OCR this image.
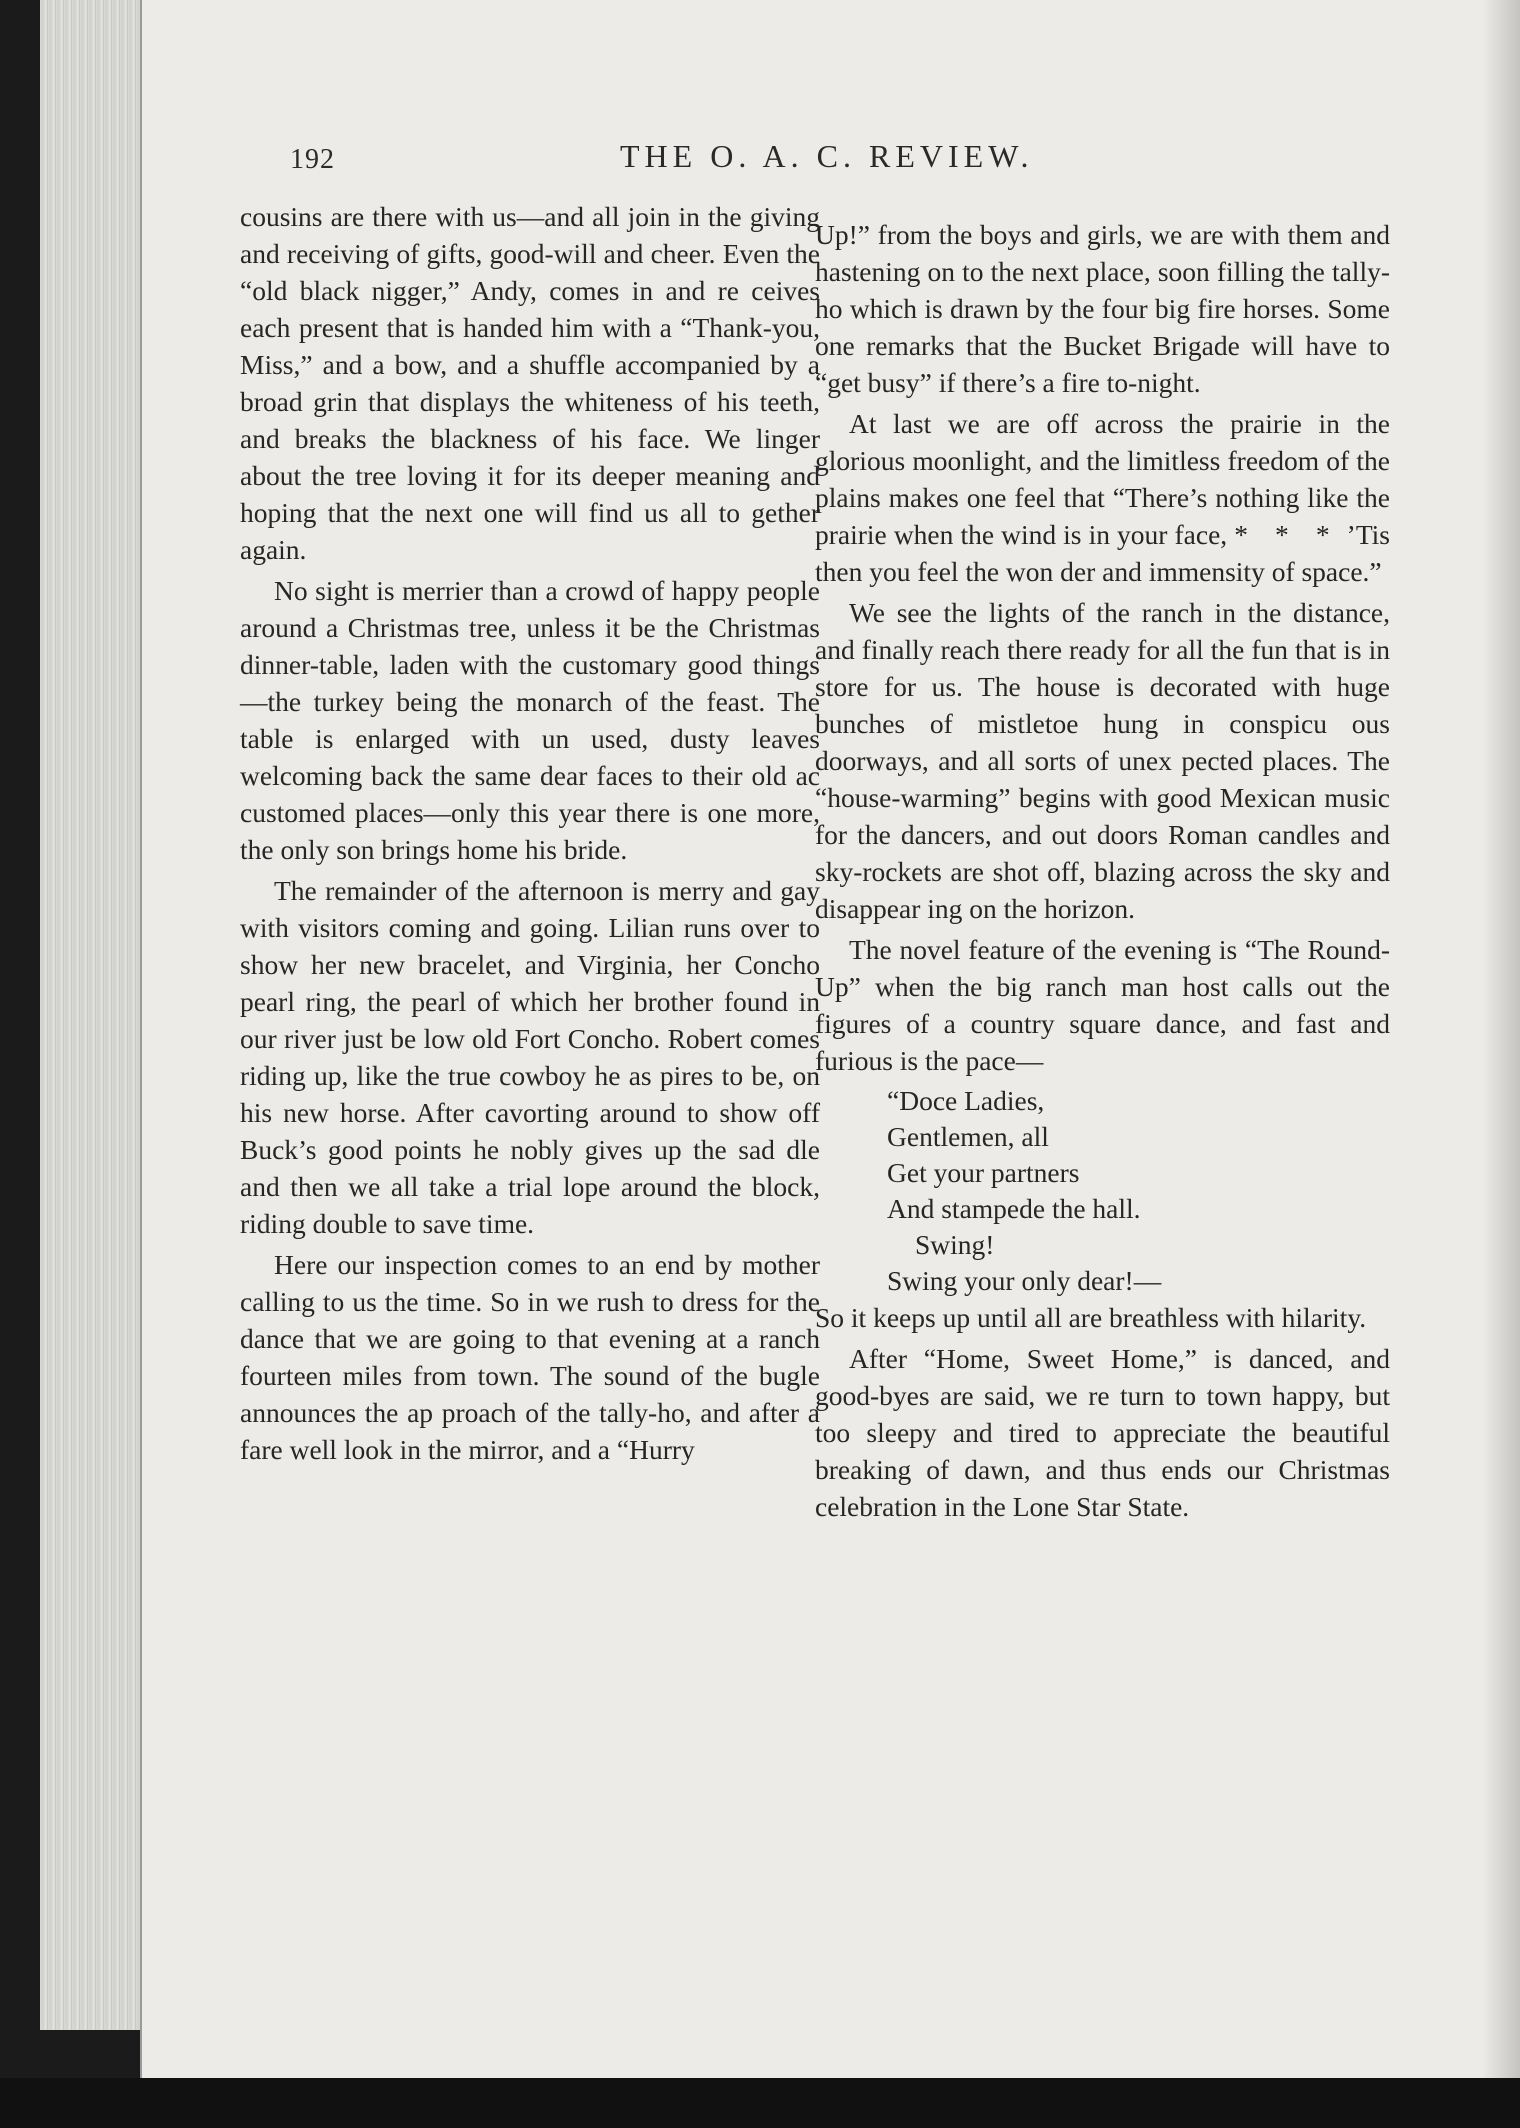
192	THE O. A. C. REVIEW.

cousins are there with us—and all join in the giving and receiving of gifts, good-will and cheer. Even the “old black nigger,” Andy, comes in and re ceives each present that is handed him with a “Thank-you, Miss,” and a bow, and a shuffle accompanied by a broad grin that displays the whiteness of his teeth, and breaks the blackness of his face. We linger about the tree loving it for its deeper meaning and hoping that the next one will find us all to gether again.

No sight is merrier than a crowd of happy people around a Christmas tree, unless it be the Christmas dinner-table, laden with the customary good things —the turkey being the monarch of the feast. The table is enlarged with un used, dusty leaves welcoming back the same dear faces to their old ac customed places—only this year there is one more, the only son brings home his bride.

The remainder of the afternoon is merry and gay with visitors coming and going. Lilian runs over to show her new bracelet, and Virginia, her Concho pearl ring, the pearl of which her brother found in our river just be low old Fort Concho. Robert comes riding up, like the true cowboy he as pires to be, on his new horse. After cavorting around to show off Buck’s good points he nobly gives up the sad dle and then we all take a trial lope around the block, riding double to save time.

Here our inspection comes to an end by mother calling to us the time. So in we rush to dress for the dance that we are going to that evening at a ranch fourteen miles from town. The sound of the bugle announces the ap proach of the tally-ho, and after a fare well look in the mirror, and a “Hurry

Up!” from the boys and girls, we are with them and hastening on to the next place, soon filling the tally-ho which is drawn by the four big fire horses. Some one remarks that the Bucket Brigade will have to “get busy” if there’s a fire to-night.

At last we are off across the prairie in the glorious moonlight, and the limitless freedom of the plains makes one feel that “There’s nothing like the prairie when the wind is in your face, * * * ’Tis then you feel the won der and immensity of space.”

We see the lights of the ranch in the distance, and finally reach there ready for all the fun that is in store for us. The house is decorated with huge bunches of mistletoe hung in conspicu ous doorways, and all sorts of unex pected places. The “house-warming” begins with good Mexican music for the dancers, and out doors Roman candles and sky-rockets are shot off, blazing across the sky and disappear ing on the horizon.

The novel feature of the evening is “The Round-Up” when the big ranch man host calls out the figures of a country square dance, and fast and furious is the pace—

“Doce Ladies,
Gentlemen, all
Get your partners
And stampede the hall.
Swing!
Swing your only dear!—

So it keeps up until all are breathless with hilarity.

After “Home, Sweet Home,” is danced, and good-byes are said, we re turn to town happy, but too sleepy and tired to appreciate the beautiful breaking of dawn, and thus ends our Christmas celebration in the Lone Star State.
